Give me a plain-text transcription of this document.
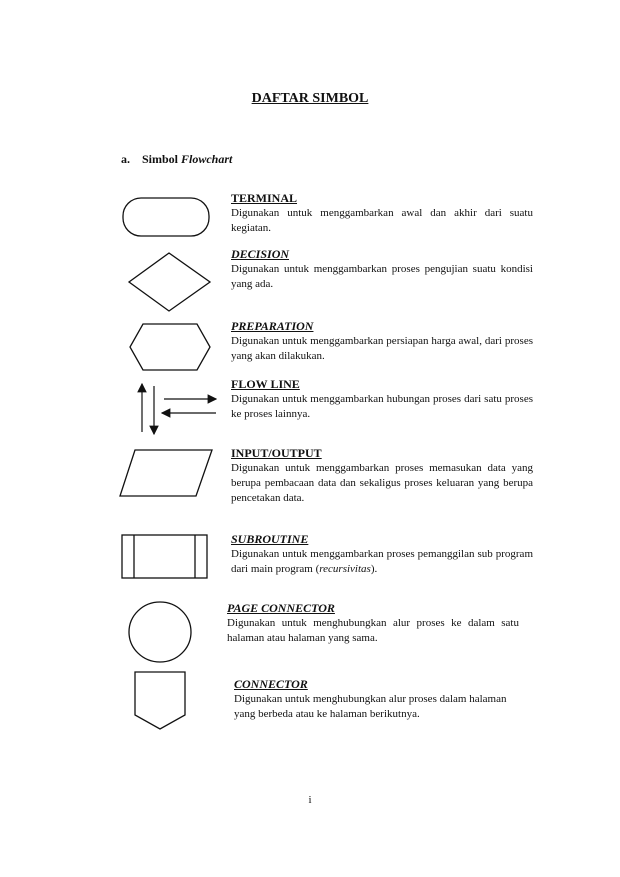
DAFTAR SIMBOL
a. Simbol Flowchart
TERMINAL
Digunakan untuk menggambarkan awal dan akhir dari suatu kegiatan.
DECISION
Digunakan untuk menggambarkan proses pengujian suatu kondisi yang ada.
PREPARATION
Digunakan untuk menggambarkan persiapan harga awal, dari proses yang akan dilakukan.
FLOW LINE
Digunakan untuk menggambarkan hubungan proses dari satu proses ke proses lainnya.
INPUT/OUTPUT
Digunakan untuk menggambarkan proses memasukan data yang berupa pembacaan data dan sekaligus proses keluaran yang berupa pencetakan data.
SUBROUTINE
Digunakan untuk menggambarkan proses pemanggilan sub program dari main program (recursivitas).
PAGE CONNECTOR
Digunakan untuk menghubungkan alur proses ke dalam satu halaman atau halaman yang sama.
CONNECTOR
Digunakan untuk menghubungkan alur proses dalam halaman yang berbeda atau ke halaman berikutnya.
i
